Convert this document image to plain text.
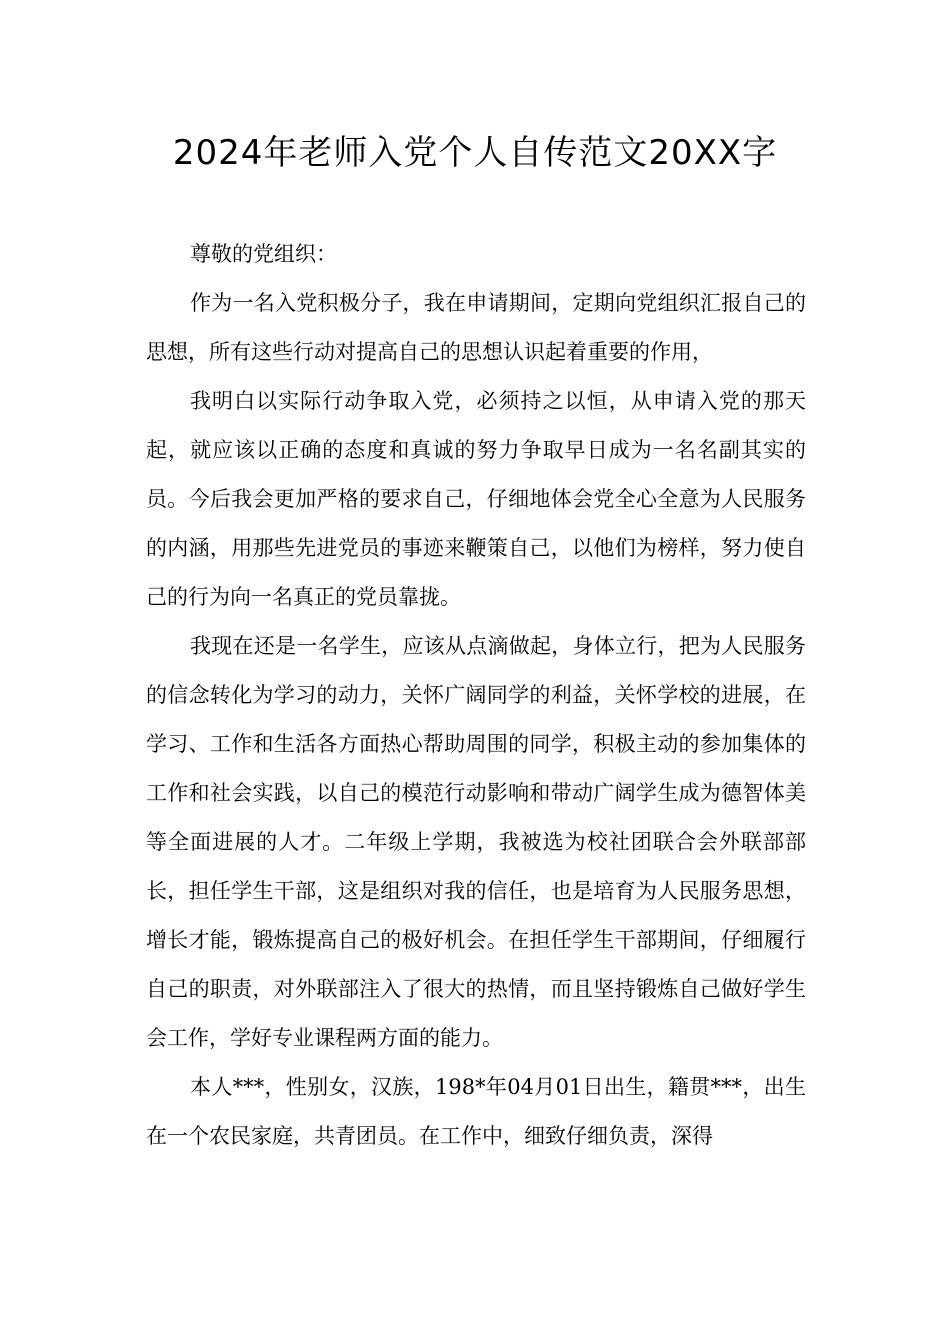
2024年老师入党个人自传范文20XX字

尊敬的党组织：

作为一名入党积极分子，我在申请期间，定期向党组织汇报自己的思想，所有这些行动对提高自己的思想认识起着重要的作用，

我明白以实际行动争取入党，必须持之以恒，从申请入党的那天起，就应该以正确的态度和真诚的努力争取早日成为一名名副其实的员。今后我会更加严格的要求自己，仔细地体会党全心全意为人民服务的内涵，用那些先进党员的事迹来鞭策自己，以他们为榜样，努力使自己的行为向一名真正的党员靠拢。

我现在还是一名学生，应该从点滴做起，身体立行，把为人民服务的信念转化为学习的动力，关怀广阔同学的利益，关怀学校的进展，在学习、工作和生活各方面热心帮助周围的同学，积极主动的参加集体的工作和社会实践，以自己的模范行动影响和带动广阔学生成为德智体美等全面进展的人才。二年级上学期，我被选为校社团联合会外联部部长，担任学生干部，这是组织对我的信任，也是培育为人民服务思想，增长才能，锻炼提高自己的极好机会。在担任学生干部期间，仔细履行自己的职责，对外联部注入了很大的热情，而且坚持锻炼自己做好学生会工作，学好专业课程两方面的能力。

本人***，性别女，汉族，198*年04月01日出生，籍贯***，出生在一个农民家庭，共青团员。在工作中，细致仔细负责，深得
